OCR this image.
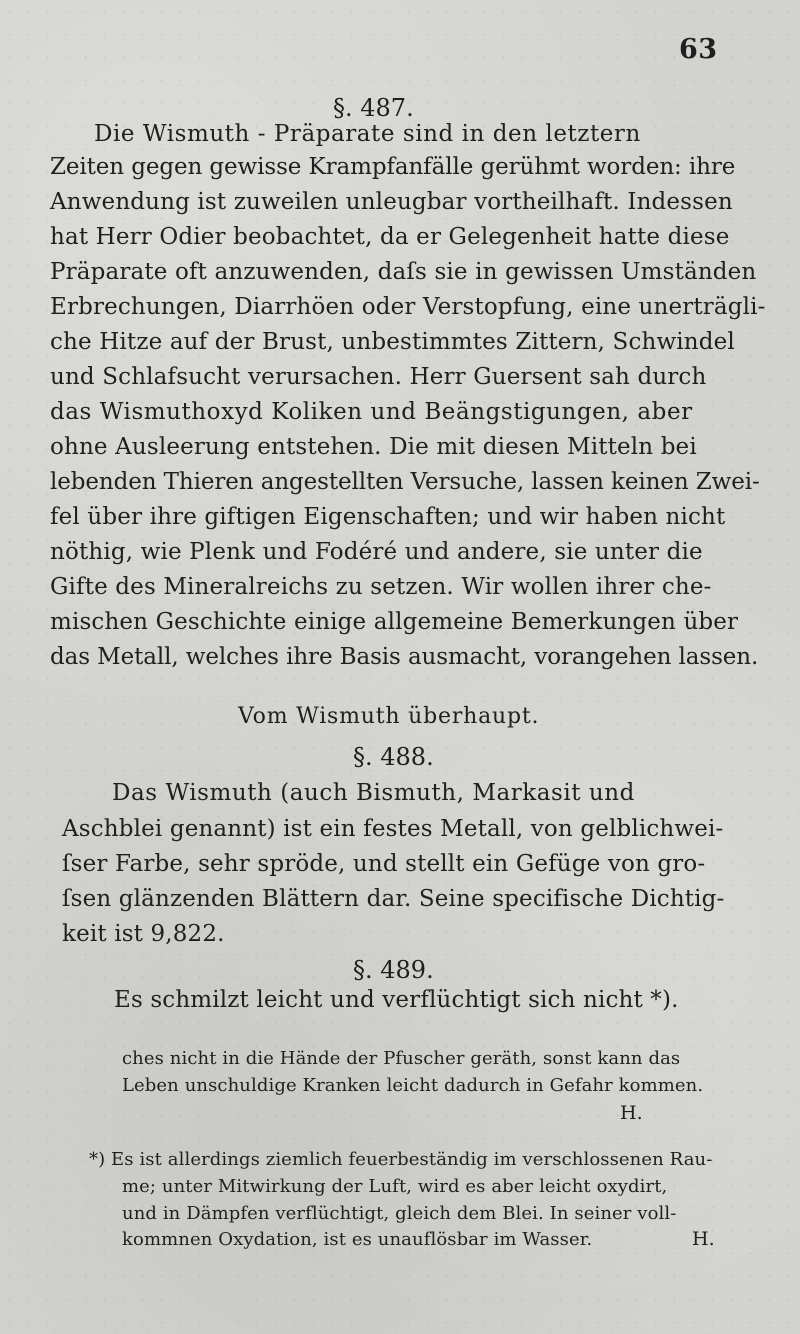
63
§. 487.
Die Wismuth - Präparate sind in den letztern
Zeiten gegen gewisse Krampfanfälle gerühmt worden: ihre
Anwendung ist zuweilen unleugbar vortheilhaft. Indessen
hat Herr Odier beobachtet, da er Gelegenheit hatte diese
Präparate oft anzuwenden, daſs sie in gewissen Umständen
Erbrechungen, Diarrhöen oder Verstopfung, eine unerträgli-
che Hitze auf der Brust, unbestimmtes Zittern, Schwindel
und Schlafsucht verursachen. Herr Guersent sah durch
das Wismuthoxyd Koliken und Beängstigungen, aber
ohne Ausleerung entstehen. Die mit diesen Mitteln bei
lebenden Thieren angestellten Versuche, lassen keinen Zwei-
fel über ihre giftigen Eigenschaften; und wir haben nicht
nöthig, wie Plenk und Fodéré und andere, sie unter die
Gifte des Mineralreichs zu setzen. Wir wollen ihrer che-
mischen Geschichte einige allgemeine Bemerkungen über
das Metall, welches ihre Basis ausmacht, vorangehen lassen.
Vom Wismuth überhaupt.
§. 488.
Das Wismuth (auch Bismuth, Markasit und
Aschblei genannt) ist ein festes Metall, von gelblichwei-
ſser Farbe, sehr spröde, und stellt ein Gefüge von gro-
ſsen glänzenden Blättern dar. Seine specifische Dichtig-
keit ist 9,822.
§. 489.
Es schmilzt leicht und verflüchtigt sich nicht *).
ches nicht in die Hände der Pfuscher geräth, sonst kann das
Leben unschuldige Kranken leicht dadurch in Gefahr kommen.
H.
*) Es ist allerdings ziemlich feuerbeständig im verschlossenen Rau-
me; unter Mitwirkung der Luft, wird es aber leicht oxydirt,
und in Dämpfen verflüchtigt, gleich dem Blei. In seiner voll-
kommnen Oxydation, ist es unauflösbar im Wasser.	H.
